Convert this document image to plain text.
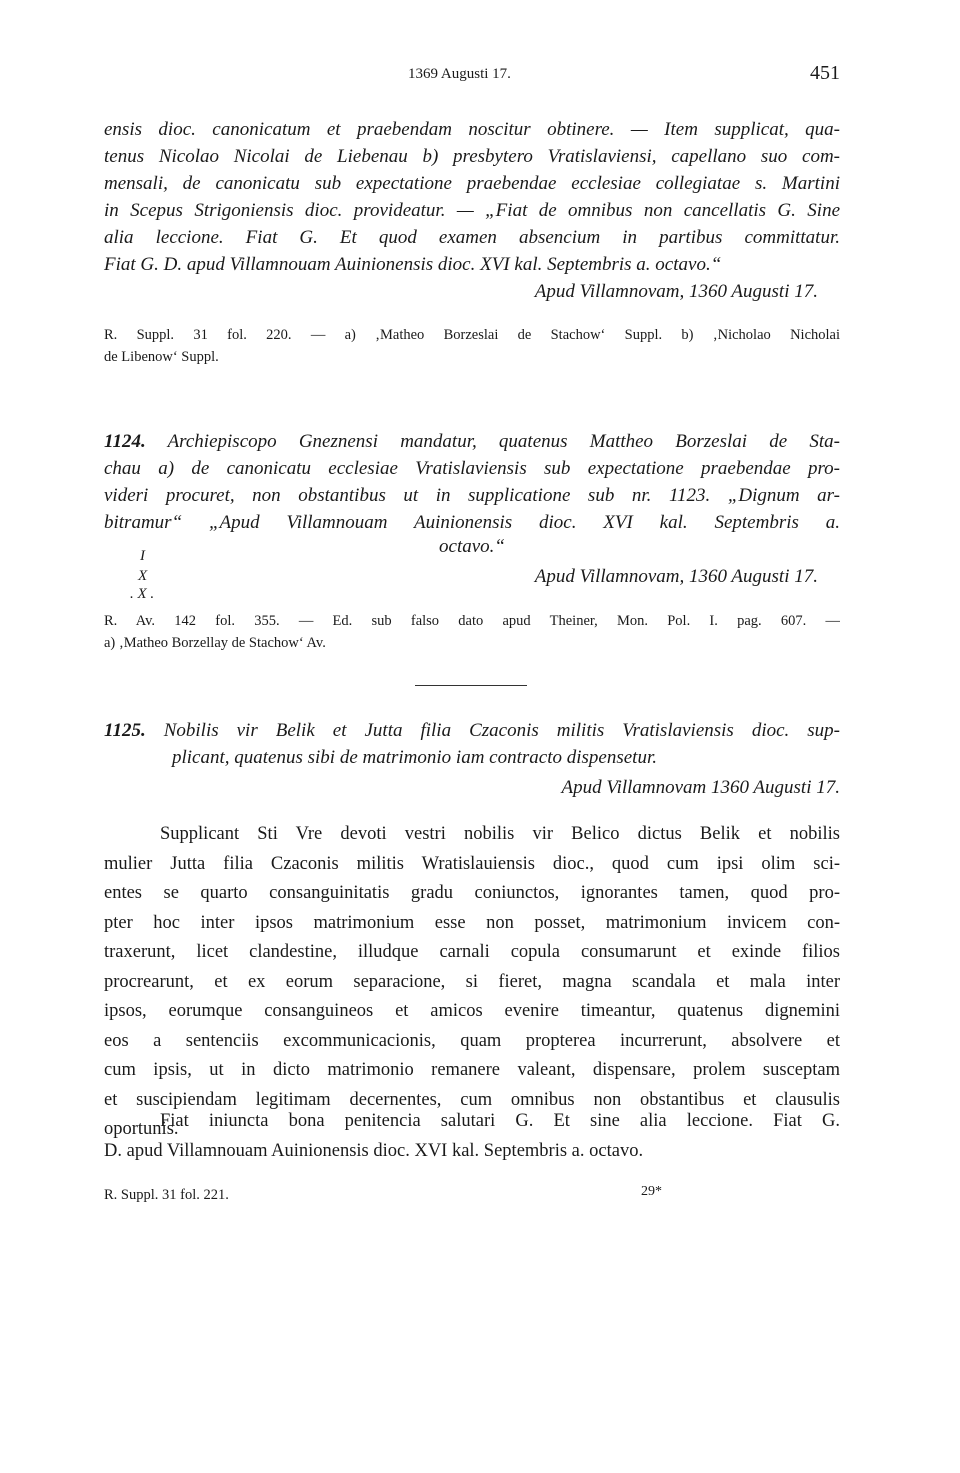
1369 Augusti 17.	451
ensis dioc. canonicatum et praebendam noscitur obtinere. — Item supplicat, qua-
tenus Nicolao Nicolai de Liebenau b) presbytero Vratislaviensi, capellano suo com-
mensali, de canonicatu sub expectatione praebendae ecclesiae collegiatae s. Martini
in Scepus Strigoniensis dioc. provideatur. — „Fiat de omnibus non cancellatis G. Sine
alia leccione. Fiat G. Et quod examen absencium in partibus committatur.
Fiat G. D. apud Villamnouam Auinionensis dioc. XVI kal. Septembris a. octavo.“
Apud Villamnovam, 1360 Augusti 17.
R. Suppl. 31 fol. 220. — a) ‚Matheo Borzeslai de Stachow‘ Suppl. b) ‚Nicholao Nicholai
de Libenow‘ Suppl.
1124. Archiepiscopo Gneznensi mandatur, quatenus Mattheo Borzeslai de Sta-
chau a) de canonicatu ecclesiae Vratislaviensis sub expectatione praebendae pro-
videri procuret, non obstantibus ut in supplicatione sub nr. 1123. „Dignum ar-
bitramur“ „Apud Villamnouam Auinionensis dioc. XVI kal. Septembris a.
octavo.“
I
X
. X .
Apud Villamnovam, 1360 Augusti 17.
R. Av. 142 fol. 355. — Ed. sub falso dato apud Theiner, Mon. Pol. I. pag. 607. —
a) ‚Matheo Borzellay de Stachow‘ Av.
1125. Nobilis vir Belik et Jutta filia Czaconis militis Vratislaviensis dioc. sup-
plicant, quatenus sibi de matrimonio iam contracto dispensetur.
Apud Villamnovam 1360 Augusti 17.
Supplicant Sti Vre devoti vestri nobilis vir Belico dictus Belik et nobilis
mulier Jutta filia Czaconis militis Wratislauiensis dioc., quod cum ipsi olim sci-
entes se quarto consanguinitatis gradu coniunctos, ignorantes tamen, quod pro-
pter hoc inter ipsos matrimonium esse non posset, matrimonium invicem con-
traxerunt, licet clandestine, illudque carnali copula consumarunt et exinde filios
procrearunt, et ex eorum separacione, si fieret, magna scandala et mala inter
ipsos, eorumque consanguineos et amicos evenire timeantur, quatenus dignemini
eos a sentenciis excommunicacionis, quam propterea incurrerunt, absolvere et
cum ipsis, ut in dicto matrimonio remanere valeant, dispensare, prolem susceptam
et suscipiendam legitimam decernentes, cum omnibus non obstantibus et clausulis
oportunis.
Fiat iniuncta bona penitencia salutari G. Et sine alia leccione. Fiat G.
D. apud Villamnouam Auinionensis dioc. XVI kal. Septembris a. octavo.
R. Suppl. 31 fol. 221.	29*
